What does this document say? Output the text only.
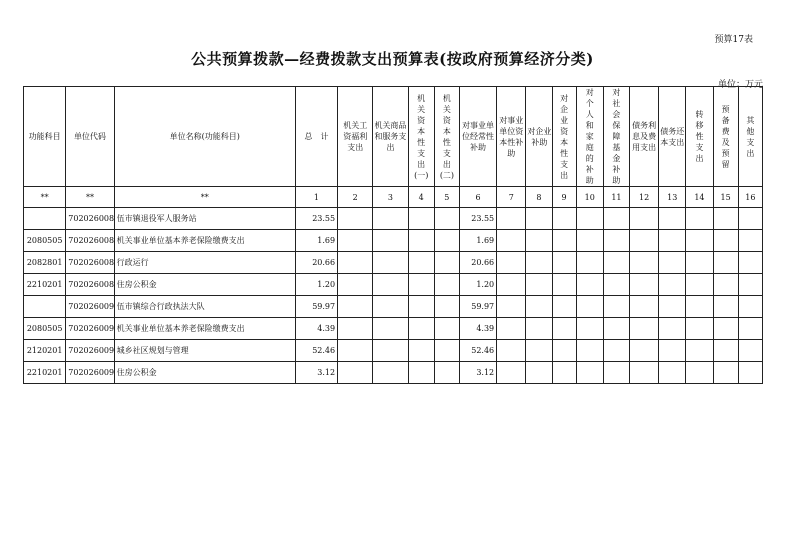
预算17表
公共预算拨款—经费拨款支出预算表(按政府预算经济分类)
单位：万元
功能科目	单位代码	单位名称(功能科目)	总　计	机关工资福利支出	机关商品和服务支出	机关资本性支出(一)	机关资本性支出(二)	对事业单位经常性补助	对事业单位资本性补助	对企业补助	对企业资本性支出	对个人和家庭的补助	对社会保障基金补助	债务利息及费用支出	债务还本支出	转移性支出	预备费及预留	其他支出
**	**	**	1	2	3	4	5	6	7	8	9	10	11	12	13	14	15	16
	702026008	伍市镇退役军人服务站	23.55					23.55										
2080505	702026008	机关事业单位基本养老保险缴费支出	1.69					1.69										
2082801	702026008	行政运行	20.66					20.66										
2210201	702026008	住房公积金	1.20					1.20										
	702026009	伍市镇综合行政执法大队	59.97					59.97										
2080505	702026009	机关事业单位基本养老保险缴费支出	4.39					4.39										
2120201	702026009	城乡社区规划与管理	52.46					52.46										
2210201	702026009	住房公积金	3.12					3.12										
